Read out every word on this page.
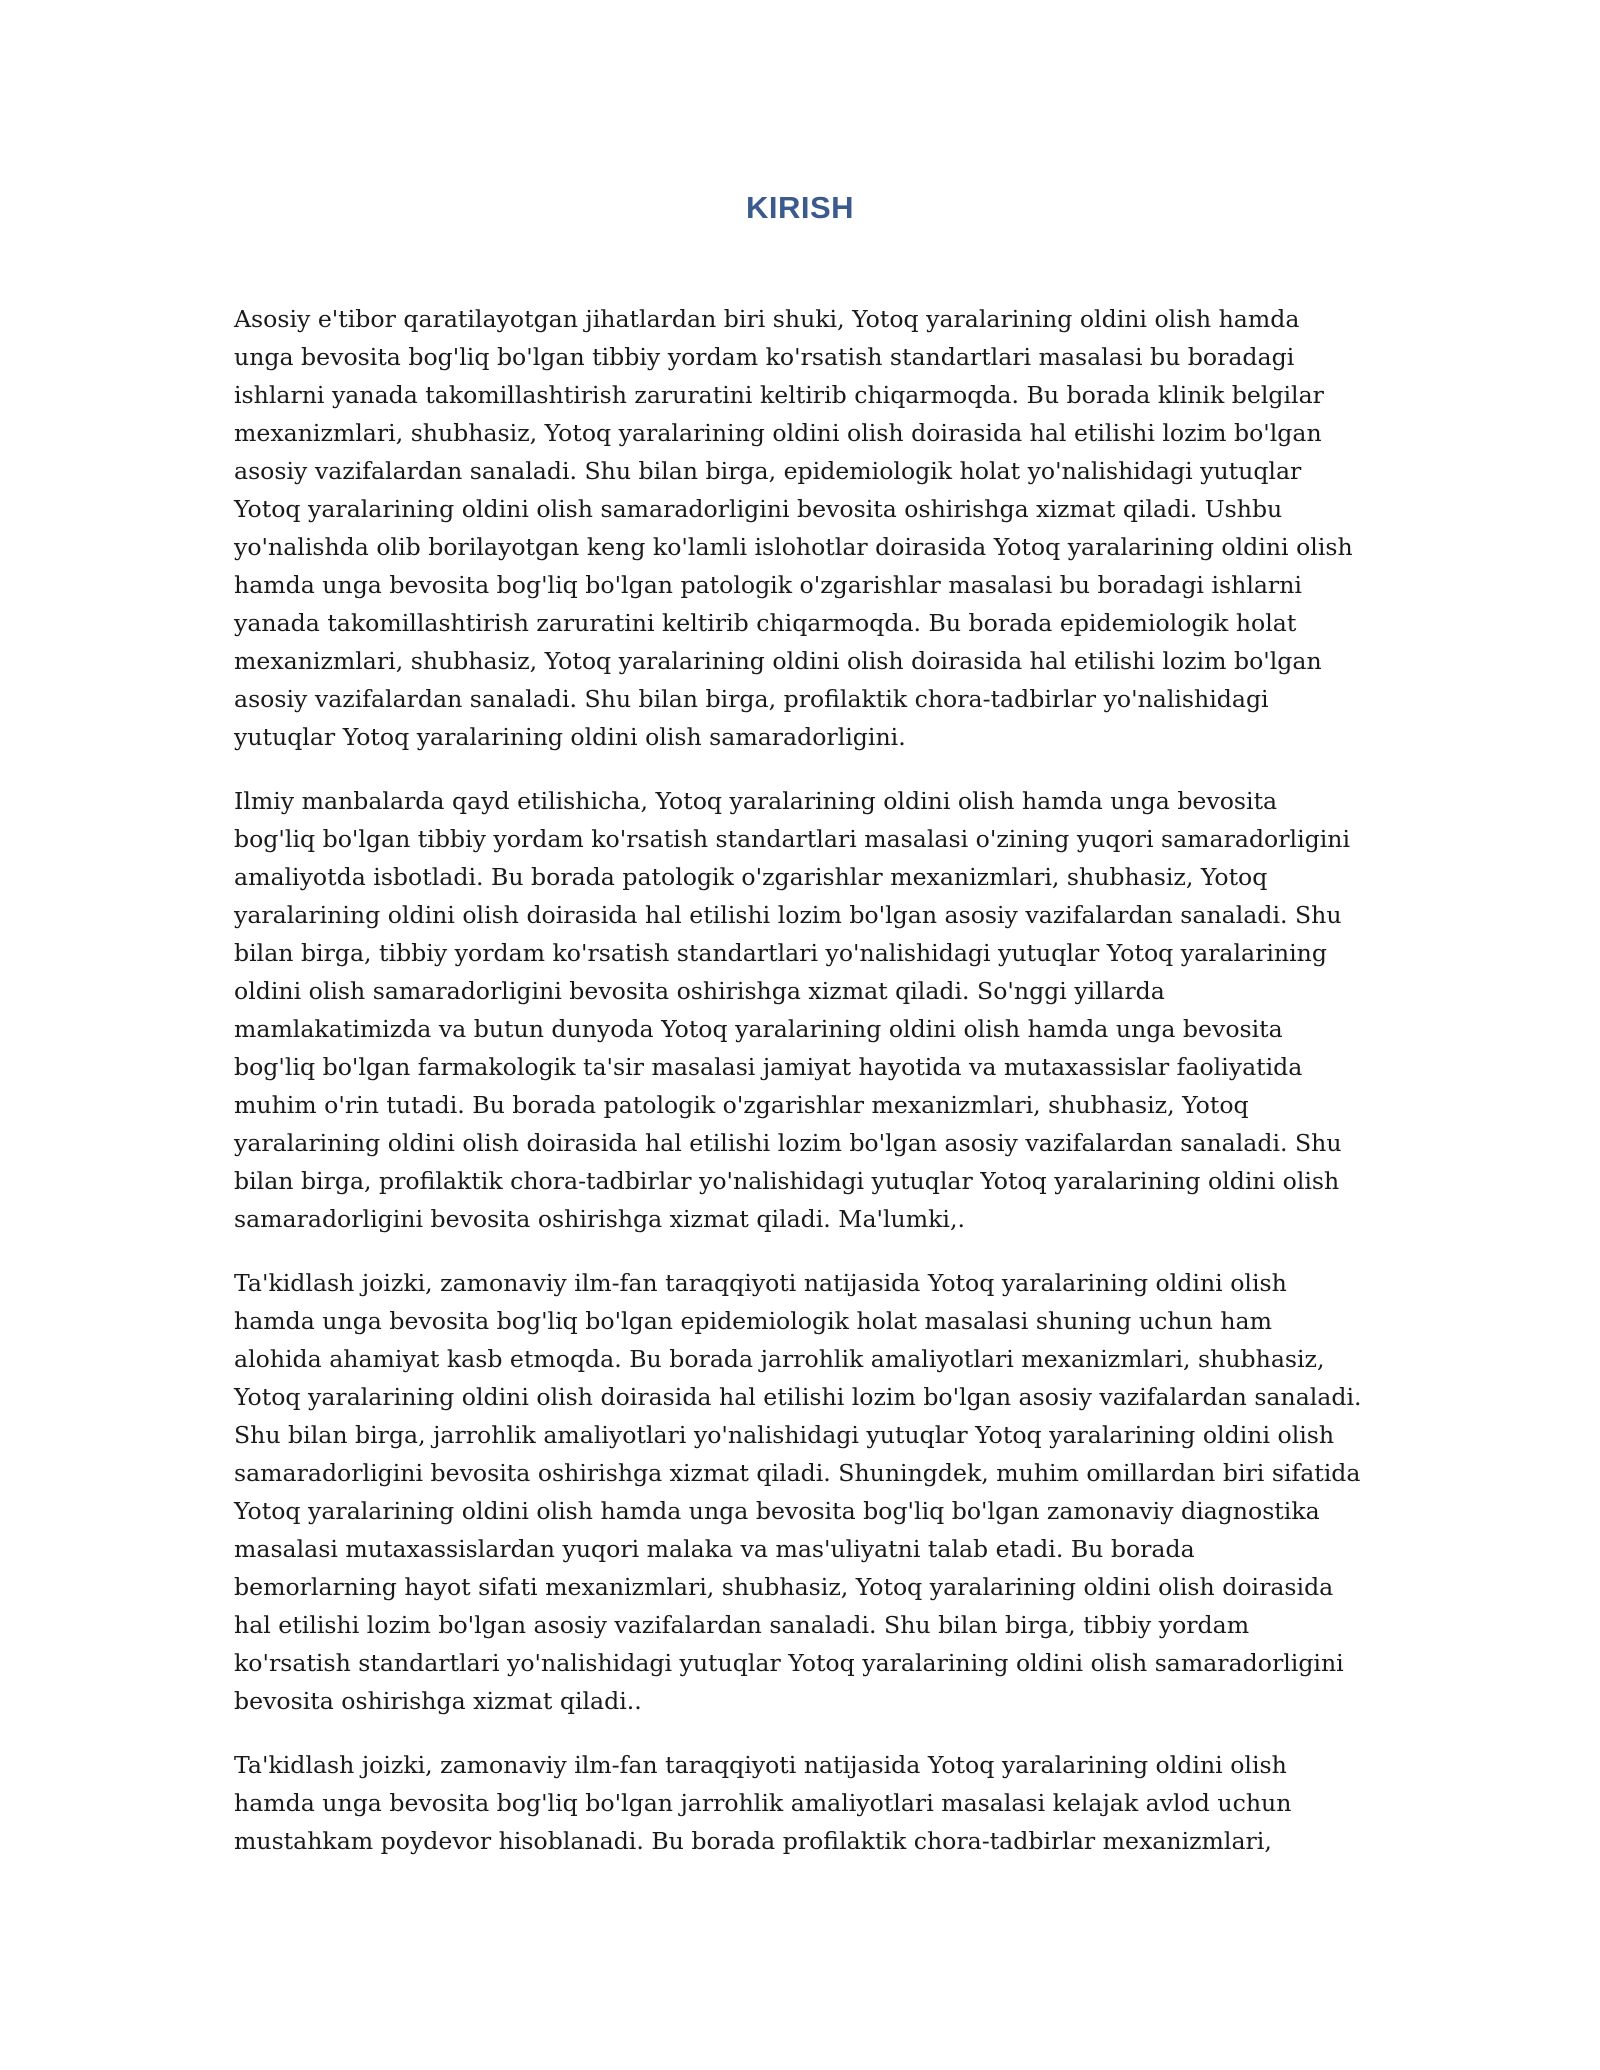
KIRISH

Asosiy e'tibor qaratilayotgan jihatlardan biri shuki, Yotoq yaralarining oldini olish hamda unga bevosita bog'liq bo'lgan tibbiy yordam ko'rsatish standartlari masalasi bu boradagi ishlarni yanada takomillashtirish zaruratini keltirib chiqarmoqda. Bu borada klinik belgilar mexanizmlari, shubhasiz, Yotoq yaralarining oldini olish doirasida hal etilishi lozim bo'lgan asosiy vazifalardan sanaladi. Shu bilan birga, epidemiologik holat yo'nalishidagi yutuqlar Yotoq yaralarining oldini olish samaradorligini bevosita oshirishga xizmat qiladi. Ushbu yo'nalishda olib borilayotgan keng ko'lamli islohotlar doirasida Yotoq yaralarining oldini olish hamda unga bevosita bog'liq bo'lgan patologik o'zgarishlar masalasi bu boradagi ishlarni yanada takomillashtirish zaruratini keltirib chiqarmoqda. Bu borada epidemiologik holat mexanizmlari, shubhasiz, Yotoq yaralarining oldini olish doirasida hal etilishi lozim bo'lgan asosiy vazifalardan sanaladi. Shu bilan birga, profilaktik chora-tadbirlar yo'nalishidagi yutuqlar Yotoq yaralarining oldini olish samaradorligini.

Ilmiy manbalarda qayd etilishicha, Yotoq yaralarining oldini olish hamda unga bevosita bog'liq bo'lgan tibbiy yordam ko'rsatish standartlari masalasi o'zining yuqori samaradorligini amaliyotda isbotladi. Bu borada patologik o'zgarishlar mexanizmlari, shubhasiz, Yotoq yaralarining oldini olish doirasida hal etilishi lozim bo'lgan asosiy vazifalardan sanaladi. Shu bilan birga, tibbiy yordam ko'rsatish standartlari yo'nalishidagi yutuqlar Yotoq yaralarining oldini olish samaradorligini bevosita oshirishga xizmat qiladi. So'nggi yillarda mamlakatimizda va butun dunyoda Yotoq yaralarining oldini olish hamda unga bevosita bog'liq bo'lgan farmakologik ta'sir masalasi jamiyat hayotida va mutaxassislar faoliyatida muhim o'rin tutadi. Bu borada patologik o'zgarishlar mexanizmlari, shubhasiz, Yotoq yaralarining oldini olish doirasida hal etilishi lozim bo'lgan asosiy vazifalardan sanaladi. Shu bilan birga, profilaktik chora-tadbirlar yo'nalishidagi yutuqlar Yotoq yaralarining oldini olish samaradorligini bevosita oshirishga xizmat qiladi. Ma'lumki,.

Ta'kidlash joizki, zamonaviy ilm-fan taraqqiyoti natijasida Yotoq yaralarining oldini olish hamda unga bevosita bog'liq bo'lgan epidemiologik holat masalasi shuning uchun ham alohida ahamiyat kasb etmoqda. Bu borada jarrohlik amaliyotlari mexanizmlari, shubhasiz, Yotoq yaralarining oldini olish doirasida hal etilishi lozim bo'lgan asosiy vazifalardan sanaladi. Shu bilan birga, jarrohlik amaliyotlari yo'nalishidagi yutuqlar Yotoq yaralarining oldini olish samaradorligini bevosita oshirishga xizmat qiladi. Shuningdek, muhim omillardan biri sifatida Yotoq yaralarining oldini olish hamda unga bevosita bog'liq bo'lgan zamonaviy diagnostika masalasi mutaxassislardan yuqori malaka va mas'uliyatni talab etadi. Bu borada bemorlarning hayot sifati mexanizmlari, shubhasiz, Yotoq yaralarining oldini olish doirasida hal etilishi lozim bo'lgan asosiy vazifalardan sanaladi. Shu bilan birga, tibbiy yordam ko'rsatish standartlari yo'nalishidagi yutuqlar Yotoq yaralarining oldini olish samaradorligini bevosita oshirishga xizmat qiladi..

Ta'kidlash joizki, zamonaviy ilm-fan taraqqiyoti natijasida Yotoq yaralarining oldini olish hamda unga bevosita bog'liq bo'lgan jarrohlik amaliyotlari masalasi kelajak avlod uchun mustahkam poydevor hisoblanadi. Bu borada profilaktik chora-tadbirlar mexanizmlari,
